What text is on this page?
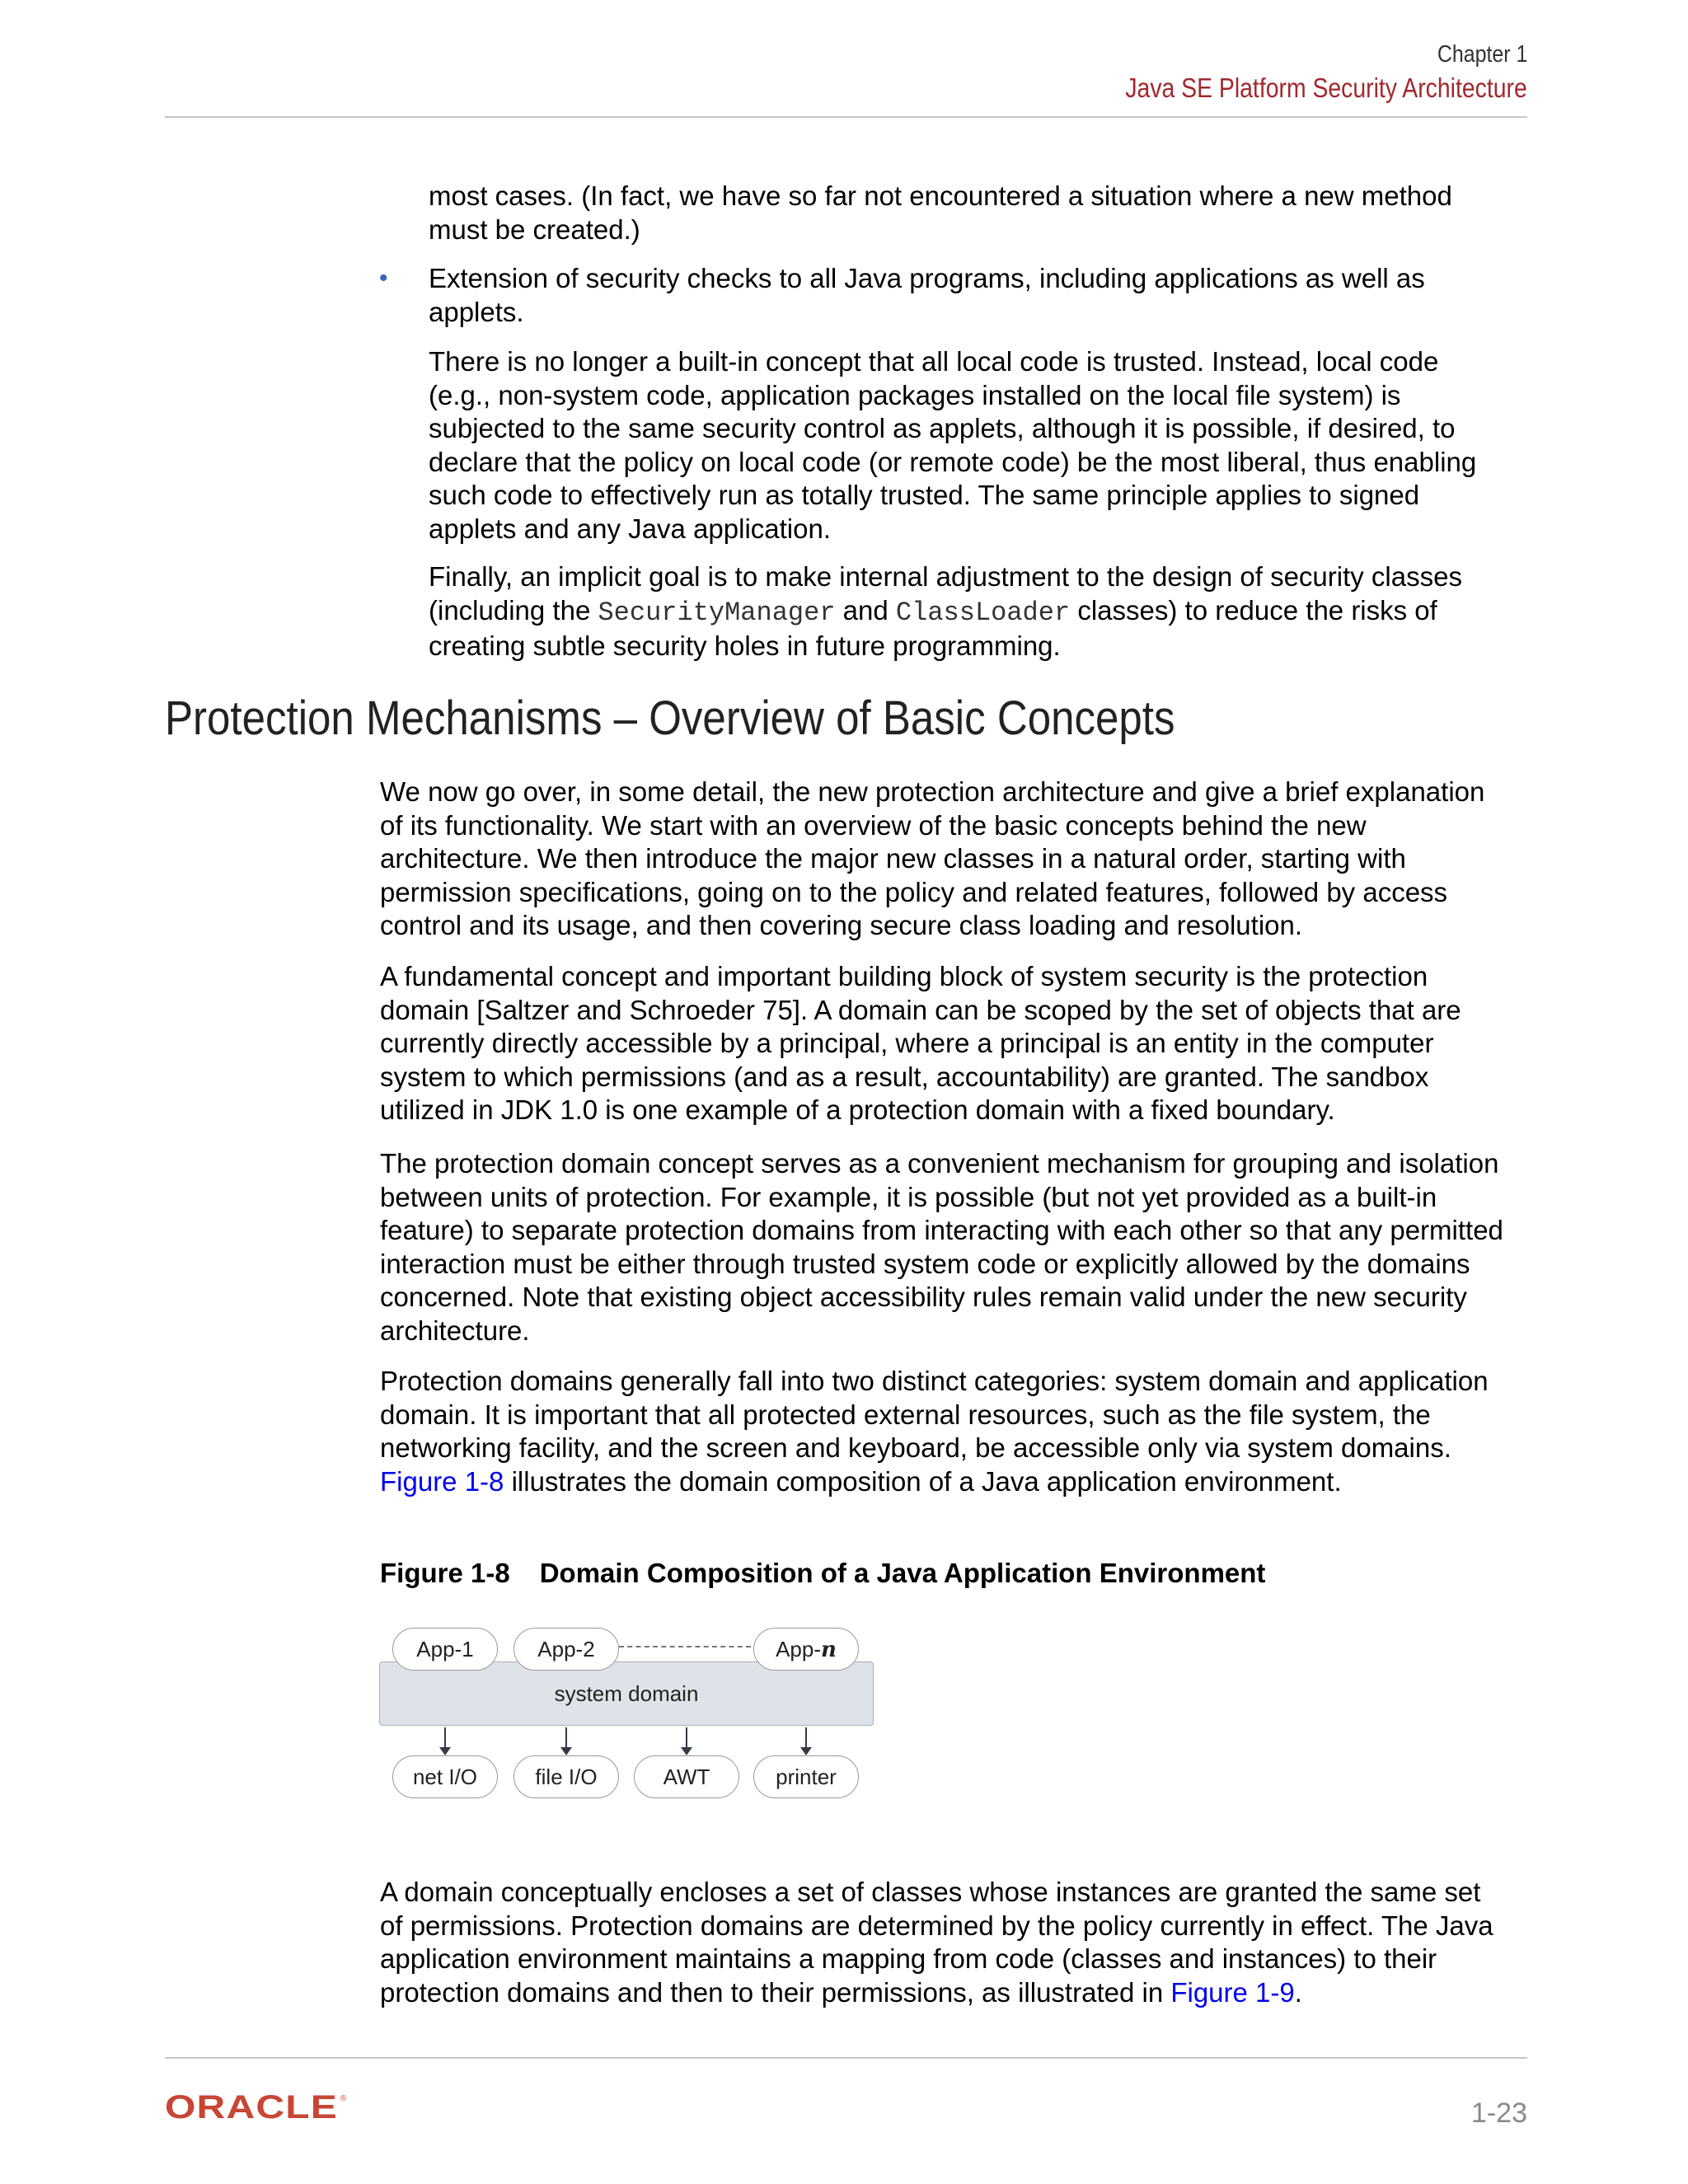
Chapter 1
Java SE Platform Security Architecture

most cases. (In fact, we have so far not encountered a situation where a new method
must be created.)

• Extension of security checks to all Java programs, including applications as well as
applets.

There is no longer a built-in concept that all local code is trusted. Instead, local code
(e.g., non-system code, application packages installed on the local file system) is
subjected to the same security control as applets, although it is possible, if desired, to
declare that the policy on local code (or remote code) be the most liberal, thus enabling
such code to effectively run as totally trusted. The same principle applies to signed
applets and any Java application.

Finally, an implicit goal is to make internal adjustment to the design of security classes
(including the SecurityManager and ClassLoader classes) to reduce the risks of
creating subtle security holes in future programming.

Protection Mechanisms – Overview of Basic Concepts

We now go over, in some detail, the new protection architecture and give a brief explanation
of its functionality. We start with an overview of the basic concepts behind the new
architecture. We then introduce the major new classes in a natural order, starting with
permission specifications, going on to the policy and related features, followed by access
control and its usage, and then covering secure class loading and resolution.

A fundamental concept and important building block of system security is the protection
domain [Saltzer and Schroeder 75]. A domain can be scoped by the set of objects that are
currently directly accessible by a principal, where a principal is an entity in the computer
system to which permissions (and as a result, accountability) are granted. The sandbox
utilized in JDK 1.0 is one example of a protection domain with a fixed boundary.

The protection domain concept serves as a convenient mechanism for grouping and isolation
between units of protection. For example, it is possible (but not yet provided as a built-in
feature) to separate protection domains from interacting with each other so that any permitted
interaction must be either through trusted system code or explicitly allowed by the domains
concerned. Note that existing object accessibility rules remain valid under the new security
architecture.

Protection domains generally fall into two distinct categories: system domain and application
domain. It is important that all protected external resources, such as the file system, the
networking facility, and the screen and keyboard, be accessible only via system domains.
Figure 1-8 illustrates the domain composition of a Java application environment.

Figure 1-8 Domain Composition of a Java Application Environment

system domain
App-1	App-2	App- n
net I/O	file I/O	AWT	printer

A domain conceptually encloses a set of classes whose instances are granted the same set
of permissions. Protection domains are determined by the policy currently in effect. The Java
application environment maintains a mapping from code (classes and instances) to their
protection domains and then to their permissions, as illustrated in Figure 1-9.

ORACLE ®	1-23
